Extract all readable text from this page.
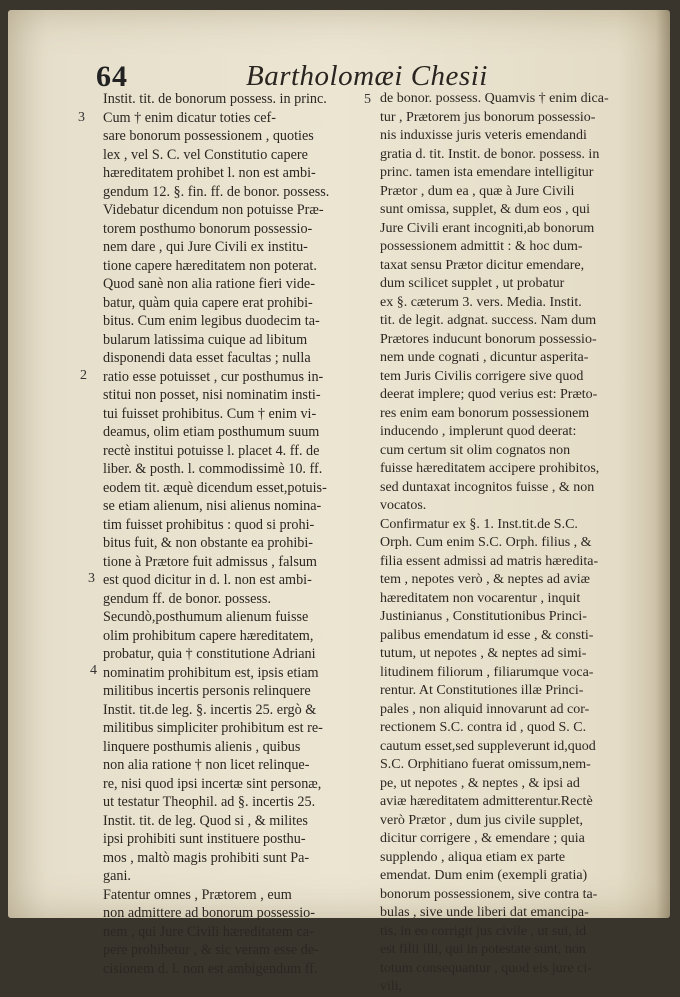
64	Bartholomæi Chesii
3
2
3
4
5
Instit. tit. de bonorum possess. in princ.
Cum † enim dicatur toties cef-
sare bonorum possessionem , quoties
lex , vel S. C. vel Constitutio capere
hæreditatem prohibet l. non est ambi-
gendum 12. §. fin. ff. de bonor. possess.
Videbatur dicendum non potuisse Præ-
torem posthumo bonorum possessio-
nem dare , qui Jure Civili ex institu-
tione capere hæreditatem non poterat.
Quod sanè non alia ratione fieri vide-
batur, quàm quia capere erat prohibi-
bitus. Cum enim legibus duodecim ta-
bularum latissima cuique ad libitum
disponendi data esset facultas ; nulla
ratio esse potuisset , cur posthumus in-
stitui non posset, nisi nominatim insti-
tui fuisset prohibitus. Cum † enim vi-
deamus, olim etiam posthumum suum
rectè institui potuisse l. placet 4. ff. de
liber. & posth. l. commodissimè 10. ff.
eodem tit. æquè dicendum esset,potuis-
se etiam alienum, nisi alienus nomina-
tim fuisset prohibitus : quod si prohi-
bitus fuit, & non obstante ea prohibi-
tione à Prætore fuit admissus , falsum
est quod dicitur in d. l. non est ambi-
gendum ff. de bonor. possess.
Secundò,posthumum alienum fuisse
olim prohibitum capere hæreditatem,
probatur, quia † constitutione Adriani
nominatim prohibitum est, ipsis etiam
militibus incertis personis relinquere
Instit. tit.de leg. §. incertis 25. ergò &
militibus simpliciter prohibitum est re-
linquere posthumis alienis , quibus
non alia ratione † non licet relinque-
re, nisi quod ipsi incertæ sint personæ,
ut testatur Theophil. ad §. incertis 25.
Instit. tit. de leg. Quod si , & milites
ipsi prohibiti sunt instituere posthu-
mos , maltò magis prohibiti sunt Pa-
gani.
Fatentur omnes , Prætorem , eum
non admittere ad bonorum possessio-
nem , qui Jure Civili hæreditatem ca-
pere prohibetur , & sic veram esse de-
cisionem d. l. non est ambigendum ff.
de bonor. possess. Quamvis † enim dica-
tur , Prætorem jus bonorum possessio-
nis induxisse juris veteris emendandi
gratia d. tit. Instit. de bonor. possess. in
princ. tamen ista emendare intelligitur
Prætor , dum ea , quæ à Jure Civili
sunt omissa, supplet, & dum eos , qui
Jure Civili erant incogniti,ab bonorum
possessionem admittit : & hoc dum-
taxat sensu Prætor dicitur emendare,
dum scilicet supplet , ut probatur
ex §. cæterum 3. vers. Media. Instit.
tit. de legit. adgnat. success. Nam dum
Prætores inducunt bonorum possessio-
nem unde cognati , dicuntur asperita-
tem Juris Civilis corrigere sive quod
deerat implere; quod verius est: Præto-
res enim eam bonorum possessionem
inducendo , implerunt quod deerat:
cum certum sit olim cognatos non
fuisse hæreditatem accipere prohibitos,
sed duntaxat incognitos fuisse , & non
vocatos.
Confirmatur ex §. 1. Inst.tit.de S.C.
Orph. Cum enim S.C. Orph. filius , &
filia essent admissi ad matris hæredita-
tem , nepotes verò , & neptes ad aviæ
hæreditatem non vocarentur , inquit
Justinianus , Constitutionibus Princi-
palibus emendatum id esse , & consti-
tutum, ut nepotes , & neptes ad simi-
litudinem filiorum , filiarumque voca-
rentur. At Constitutiones illæ Princi-
pales , non aliquid innovarunt ad cor-
rectionem S.C. contra id , quod S. C.
cautum esset,sed suppleverunt id,quod
S.C. Orphitiano fuerat omissum,nem-
pe, ut nepotes , & neptes , & ipsi ad
aviæ hæreditatem admitterentur.Rectè
verò Prætor , dum jus civile supplet,
dicitur corrigere , & emendare ; quia
supplendo , aliqua etiam ex parte
emendat. Dum enim (exempli gratia)
bonorum possessionem, sive contra ta-
bulas , sive unde liberi dat emancipa-
tis, in eo corrigit jus civile , ut sui, id
est filii illi, qui in potestate sunt, non
totum consequantur , quod eis jure ci-
vili,
